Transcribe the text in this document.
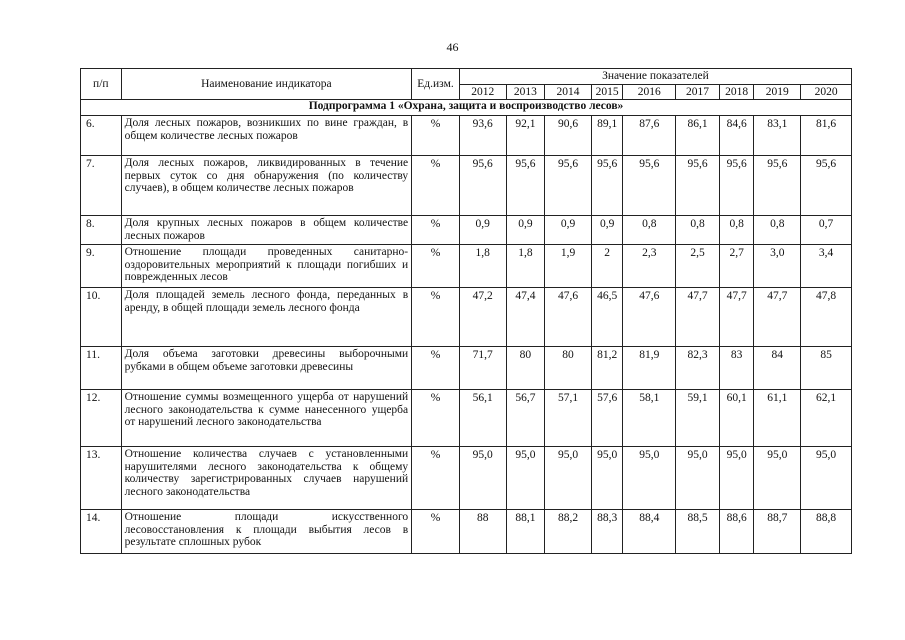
46
п/п	Наименование индикатора	Ед.изм.	Значение показателей								
			2012	2013	2014	2015	2016	2017	2018	2019	2020
Подпрограмма 1 «Охрана, защита и воспроизводство лесов»											
6.	Доля лесных пожаров, возникших по вине граждан, в общем количестве лесных пожаров	%	93,6	92,1	90,6	89,1	87,6	86,1	84,6	83,1	81,6
7.	Доля лесных пожаров, ликвидированных в течение первых суток со дня обнаружения (по количеству случаев), в общем количестве лесных пожаров	%	95,6	95,6	95,6	95,6	95,6	95,6	95,6	95,6	95,6
8.	Доля крупных лесных пожаров в общем количестве лесных пожаров	%	0,9	0,9	0,9	0,9	0,8	0,8	0,8	0,8	0,7
9.	Отношение площади проведенных санитарно-оздоровительных мероприятий к площади погибших и поврежденных лесов	%	1,8	1,8	1,9	2	2,3	2,5	2,7	3,0	3,4
10.	Доля площадей земель лесного фонда, переданных в аренду, в общей площади земель лесного фонда	%	47,2	47,4	47,6	46,5	47,6	47,7	47,7	47,7	47,8
11.	Доля объема заготовки древесины выборочными рубками в общем объеме заготовки древесины	%	71,7	80	80	81,2	81,9	82,3	83	84	85
12.	Отношение суммы возмещенного ущерба от нарушений лесного законодательства к сумме нанесенного ущерба от нарушений лесного законодательства	%	56,1	56,7	57,1	57,6	58,1	59,1	60,1	61,1	62,1
13.	Отношение количества случаев с установленными нарушителями лесного законодательства к общему количеству зарегистрированных случаев нарушений лесного законодательства	%	95,0	95,0	95,0	95,0	95,0	95,0	95,0	95,0	95,0
14.	Отношение площади искусственного лесовосстановления к площади выбытия лесов в результате сплошных рубок	%	88	88,1	88,2	88,3	88,4	88,5	88,6	88,7	88,8
